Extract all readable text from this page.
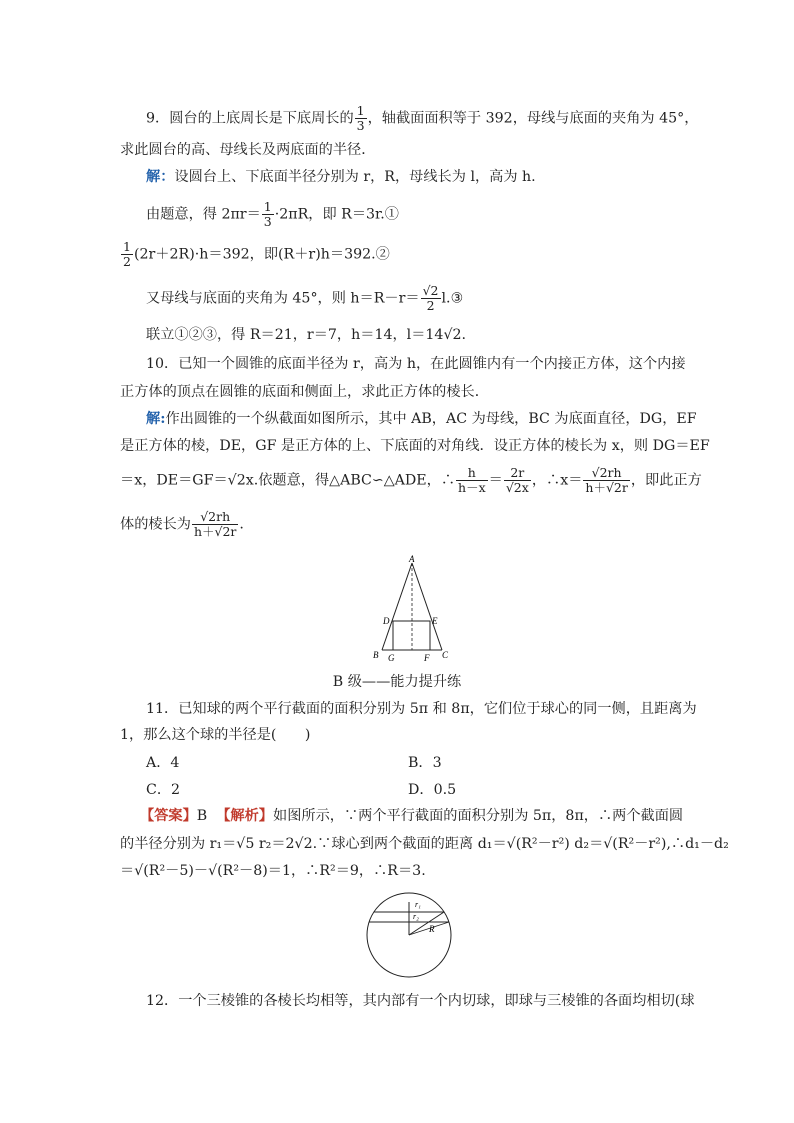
9．圆台的上底周长是下底周长的 $\frac{1}{3}$ ，轴截面面积等于 392，母线与底面的夹角为 45°，
求此圆台的高、母线长及两底面的半径．
解：设圆台上、下底面半径分别为 r，R，母线长为 l，高为 h.
由题意，得 $2\pi r= \frac{1}{3} \cdot 2\pi R$，即 R＝3r.①
$\frac{1}{2} (2r+2R)\cdot h=392$，即(R＋r)h＝392.②
又母线与底面的夹角为 45°，则 $h=R-r= \frac{√2}{2}$ l.③
联立①②③，得 R＝21，r＝7，h＝14，l＝14√2.
10．已知一个圆锥的底面半径为 r，高为 h，在此圆锥内有一个内接正方体，这个内接
正方体的顶点在圆锥的底面和侧面上，求此正方体的棱长．
解:作出圆锥的一个纵截面如图所示，其中 AB，AC 为母线，BC 为底面直径，DG，EF
是正方体的棱，DE，GF 是正方体的上、下底面的对角线．设正方体的棱长为 x，则 DG＝EF
＝x，DE＝GF＝√2x.依题意，得△ABC∽△ADE，∴ $\frac{h}{h-x} = \frac{2r}{√2x}$ ，∴x＝ $\frac{√2rh}{h+√2r}$ ，即此正方
体的棱长为 $\frac{√2rh}{h+√2r}$ .
A
D	E
B G	F C
B 级——能力提升练
11．已知球的两个平行截面的面积分别为 5π 和 8π，它们位于球心的同一侧，且距离为
1，那么这个球的半径是(　　)
A．4	B．3
C．2	D．0.5
【答案】B 【解析】如图所示，∵两个平行截面的面积分别为 5π，8π，∴两个截面圆
的半径分别为 r₁＝√5 r₂＝2√2.∵球心到两个截面的距离 d₁＝√(R²－r²) d₂＝√(R²－r²),∴d₁－d₂
＝√(R²－5)－√(R²－8)＝1，∴R²＝9，∴R＝3.
r₁
r₂
R
12．一个三棱锥的各棱长均相等，其内部有一个内切球，即球与三棱锥的各面均相切(球
